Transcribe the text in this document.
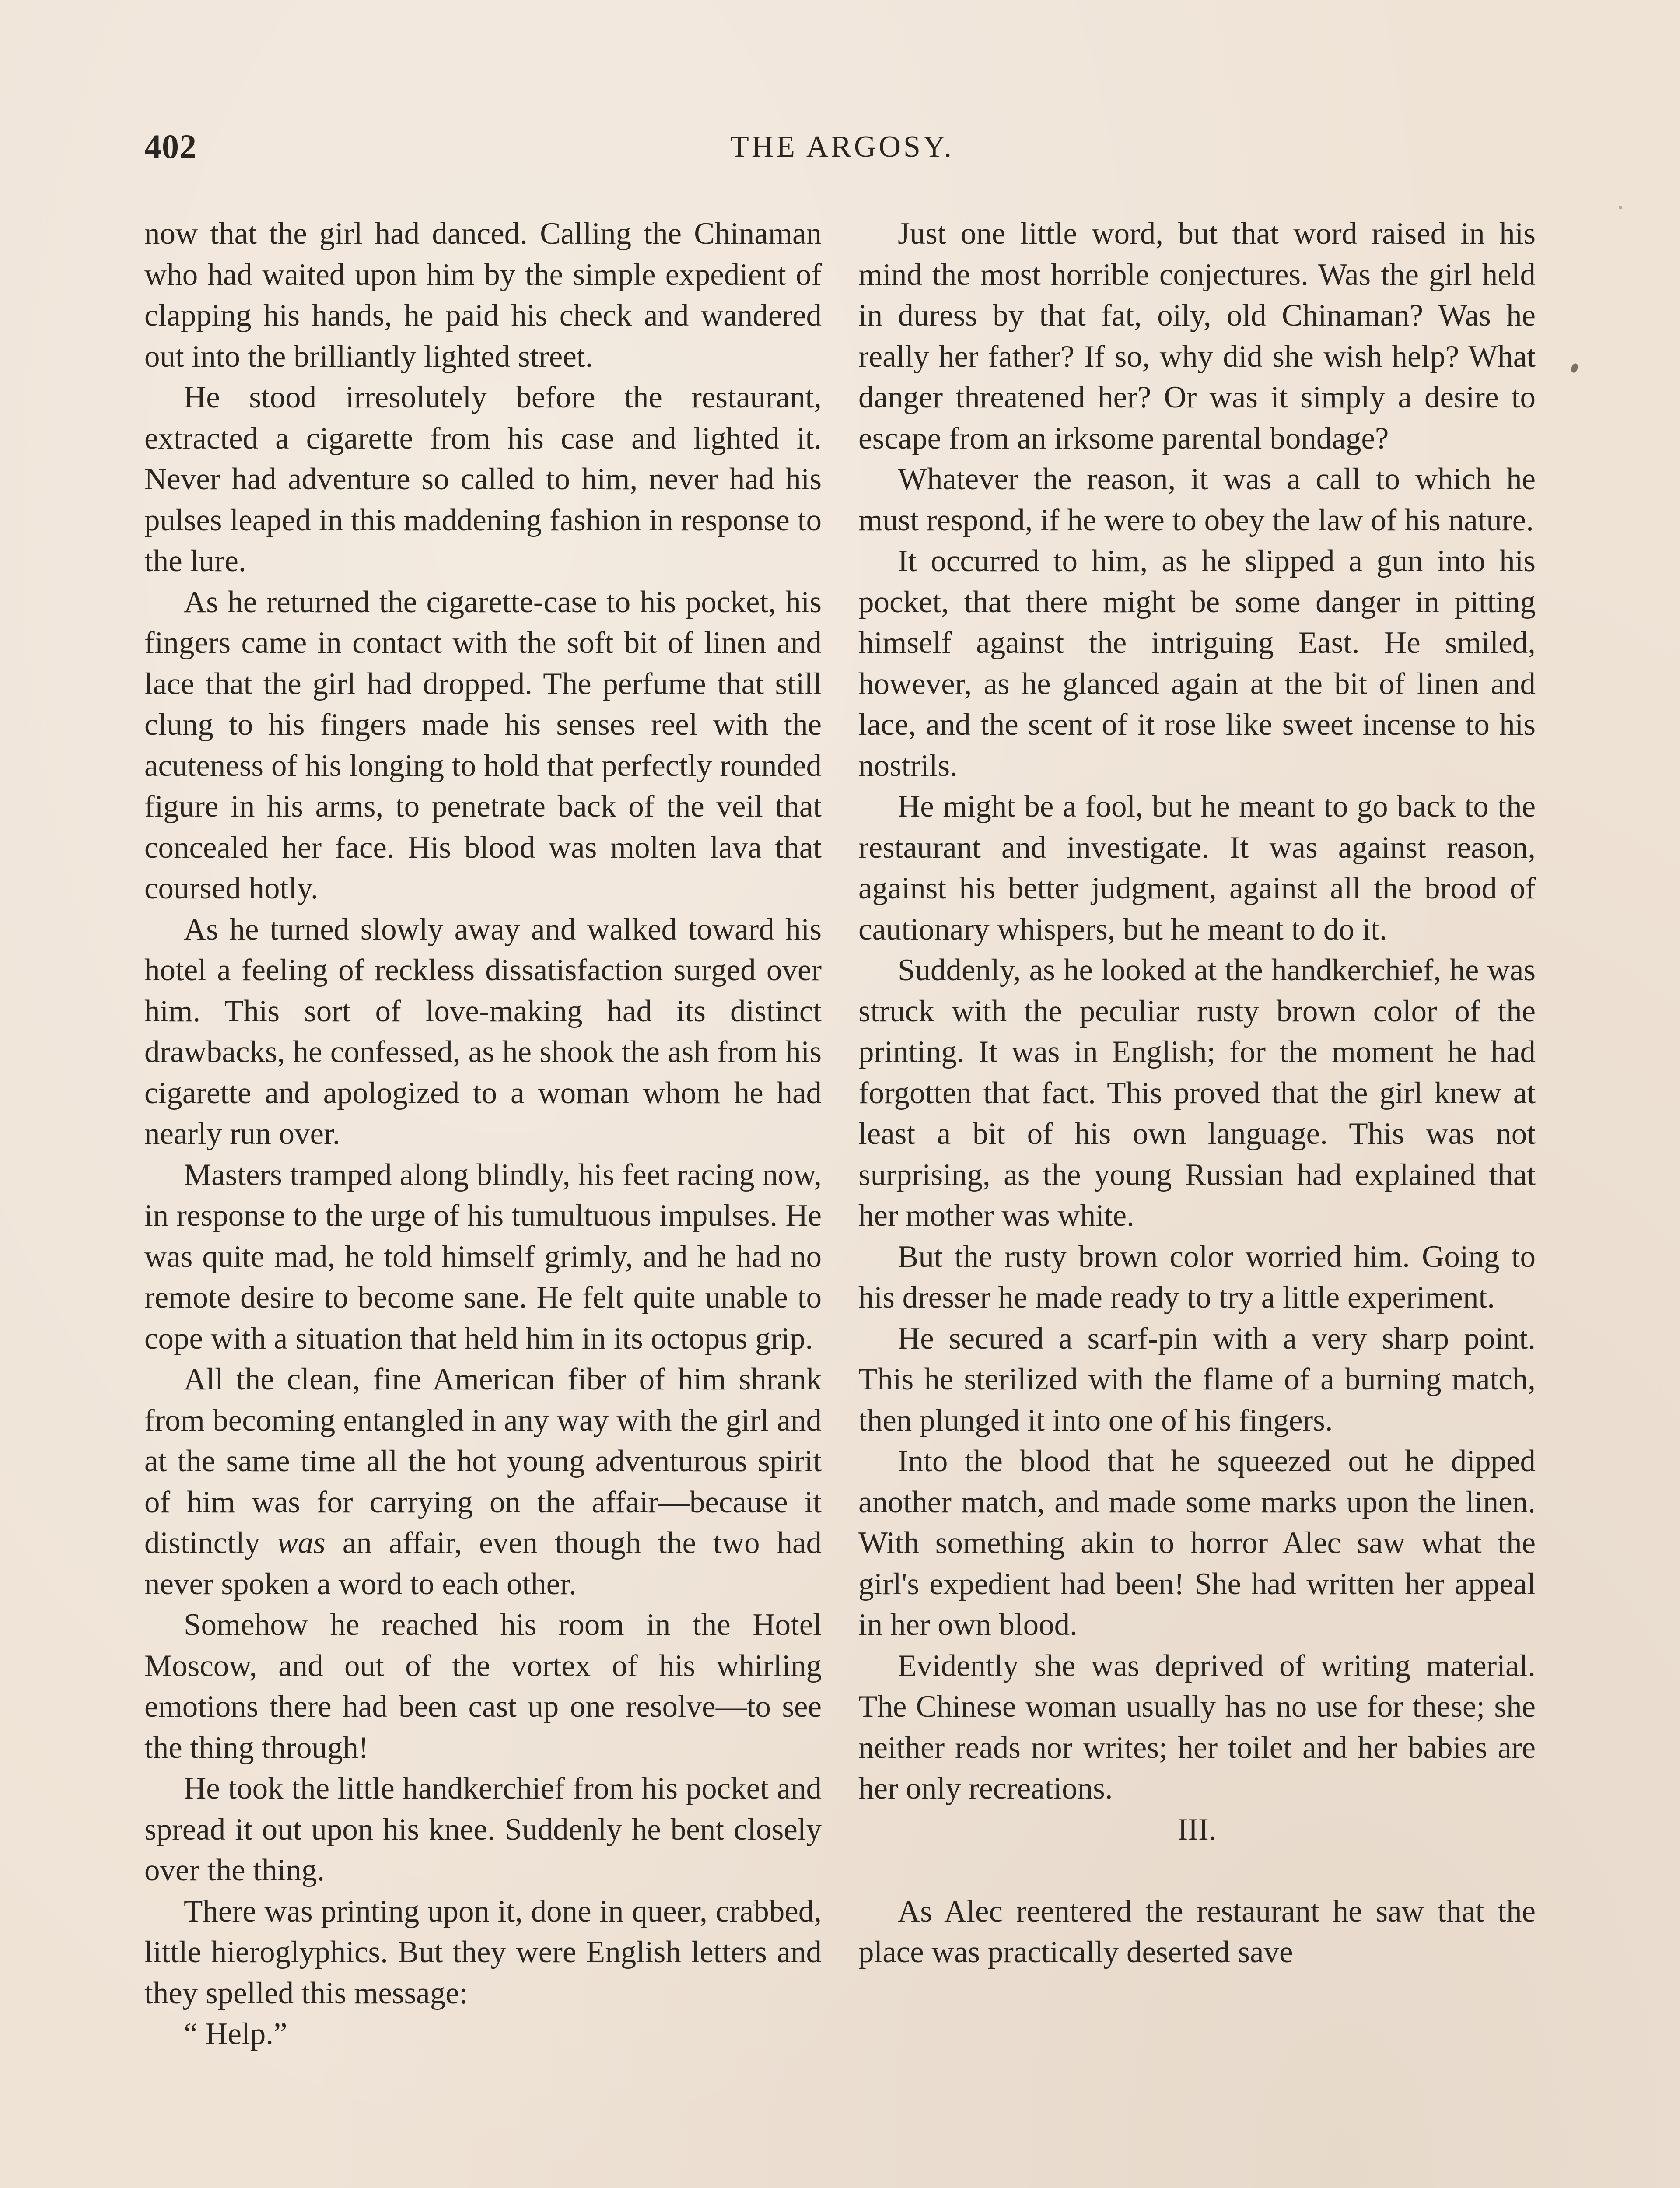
402	THE ARGOSY.

now that the girl had danced. Calling the Chinaman who had waited upon him by the simple expedient of clapping his hands, he paid his check and wandered out into the brilliantly lighted street.

He stood irresolutely before the restaurant, extracted a cigarette from his case and lighted it. Never had adventure so called to him, never had his pulses leaped in this maddening fashion in response to the lure.

As he returned the cigarette-case to his pocket, his fingers came in contact with the soft bit of linen and lace that the girl had dropped. The perfume that still clung to his fingers made his senses reel with the acuteness of his longing to hold that perfectly rounded figure in his arms, to penetrate back of the veil that concealed her face. His blood was molten lava that coursed hotly.

As he turned slowly away and walked toward his hotel a feeling of reckless dissatisfaction surged over him. This sort of love-making had its distinct drawbacks, he confessed, as he shook the ash from his cigarette and apologized to a woman whom he had nearly run over.

Masters tramped along blindly, his feet racing now, in response to the urge of his tumultuous impulses. He was quite mad, he told himself grimly, and he had no remote desire to become sane. He felt quite unable to cope with a situation that held him in its octopus grip.

All the clean, fine American fiber of him shrank from becoming entangled in any way with the girl and at the same time all the hot young adventurous spirit of him was for carrying on the affair—because it distinctly was an affair, even though the two had never spoken a word to each other.

Somehow he reached his room in the Hotel Moscow, and out of the vortex of his whirling emotions there had been cast up one resolve—to see the thing through!

He took the little handkerchief from his pocket and spread it out upon his knee. Suddenly he bent closely over the thing.

There was printing upon it, done in queer, crabbed, little hieroglyphics. But they were English letters and they spelled this message:

“ Help.”

Just one little word, but that word raised in his mind the most horrible conjectures. Was the girl held in duress by that fat, oily, old Chinaman? Was he really her father? If so, why did she wish help? What danger threatened her? Or was it simply a desire to escape from an irksome parental bondage?

Whatever the reason, it was a call to which he must respond, if he were to obey the law of his nature.

It occurred to him, as he slipped a gun into his pocket, that there might be some danger in pitting himself against the intriguing East. He smiled, however, as he glanced again at the bit of linen and lace, and the scent of it rose like sweet incense to his nostrils.

He might be a fool, but he meant to go back to the restaurant and investigate. It was against reason, against his better judgment, against all the brood of cautionary whispers, but he meant to do it.

Suddenly, as he looked at the handkerchief, he was struck with the peculiar rusty brown color of the printing. It was in English; for the moment he had forgotten that fact. This proved that the girl knew at least a bit of his own language. This was not surprising, as the young Russian had explained that her mother was white.

But the rusty brown color worried him. Going to his dresser he made ready to try a little experiment.

He secured a scarf-pin with a very sharp point. This he sterilized with the flame of a burning match, then plunged it into one of his fingers.

Into the blood that he squeezed out he dipped another match, and made some marks upon the linen. With something akin to horror Alec saw what the girl's expedient had been! She had written her appeal in her own blood.

Evidently she was deprived of writing material. The Chinese woman usually has no use for these; she neither reads nor writes; her toilet and her babies are her only recreations.

III.

As Alec reentered the restaurant he saw that the place was practically deserted save
